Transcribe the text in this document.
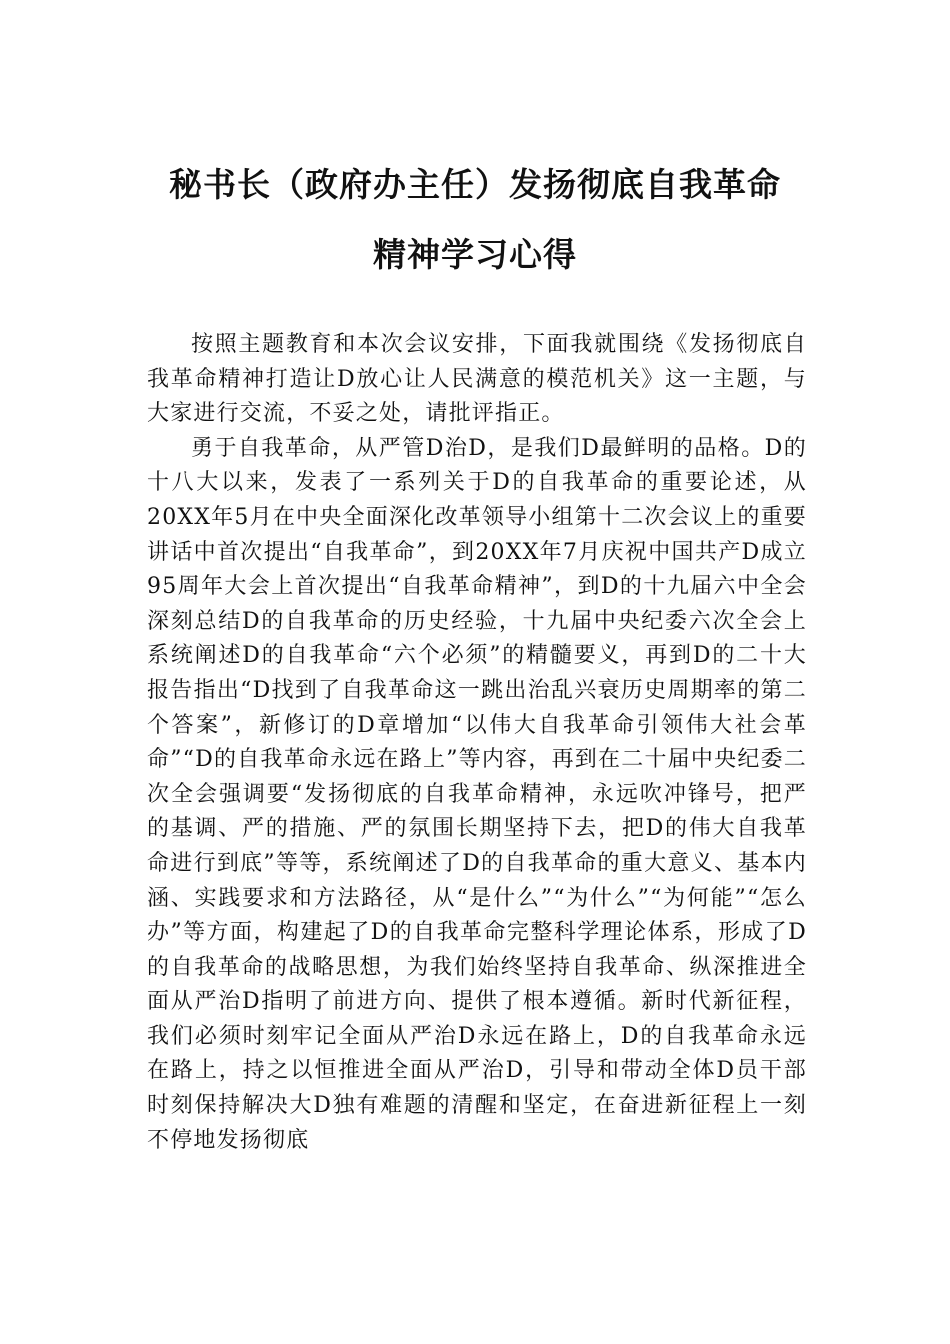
秘书长（政府办主任）发扬彻底自我革命
精神学习心得

按照主题教育和本次会议安排，下面我就围绕《发扬彻底自我革命精神打造让D放心让人民满意的模范机关》这一主题，与大家进行交流，不妥之处，请批评指正。

勇于自我革命，从严管D治D，是我们D最鲜明的品格。D的十八大以来，发表了一系列关于D的自我革命的重要论述，从20XX年5月在中央全面深化改革领导小组第十二次会议上的重要讲话中首次提出“自我革命”，到20XX年7月庆祝中国共产D成立95周年大会上首次提出“自我革命精神”，到D的十九届六中全会深刻总结D的自我革命的历史经验，十九届中央纪委六次全会上系统阐述D的自我革命“六个必须”的精髓要义，再到D的二十大报告指出“D找到了自我革命这一跳出治乱兴衰历史周期率的第二个答案”，新修订的D章增加“以伟大自我革命引领伟大社会革命”“D的自我革命永远在路上”等内容，再到在二十届中央纪委二次全会强调要“发扬彻底的自我革命精神，永远吹冲锋号，把严的基调、严的措施、严的氛围长期坚持下去，把D的伟大自我革命进行到底”等等，系统阐述了D的自我革命的重大意义、基本内涵、实践要求和方法路径，从“是什么”“为什么”“为何能”“怎么办”等方面，构建起了D的自我革命完整科学理论体系，形成了D的自我革命的战略思想，为我们始终坚持自我革命、纵深推进全面从严治D指明了前进方向、提供了根本遵循。新时代新征程，我们必须时刻牢记全面从严治D永远在路上，D的自我革命永远在路上，持之以恒推进全面从严治D，引导和带动全体D员干部时刻保持解决大D独有难题的清醒和坚定，在奋进新征程上一刻不停地发扬彻底
